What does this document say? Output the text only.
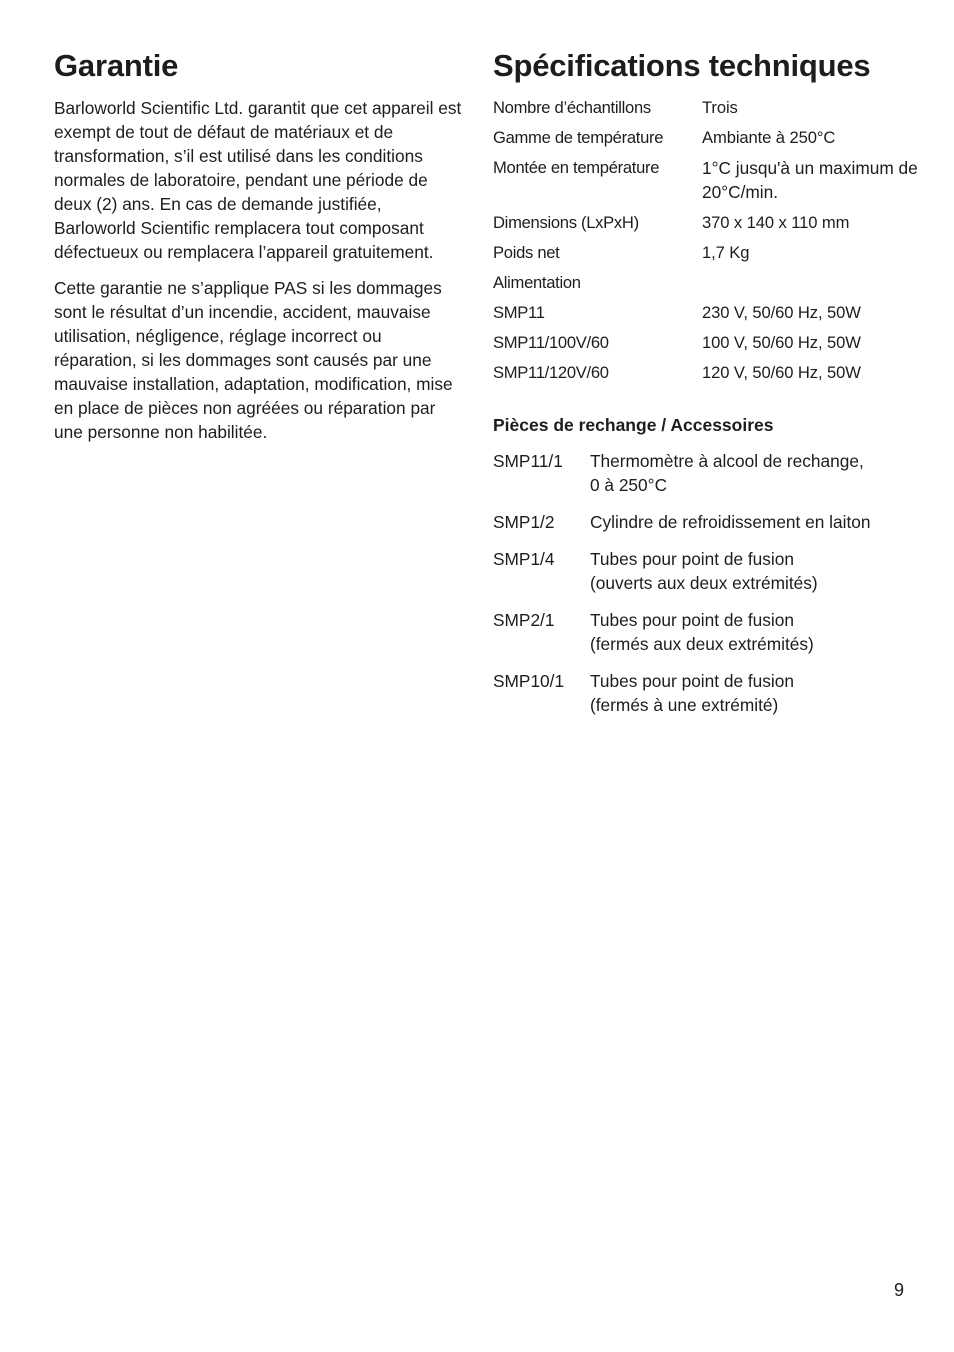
Garantie

Barloworld Scientific Ltd. garantit que cet appareil est exempt de tout de défaut de matériaux et de transformation, s’il est utilisé dans les conditions normales de laboratoire, pendant une période de deux (2) ans. En cas de demande justifiée, Barloworld Scientific remplacera tout composant défectueux ou remplacera l’appareil gratuitement.

Cette garantie ne s’applique PAS si les dommages sont le résultat d’un incendie, accident, mauvaise utilisation, négligence, réglage incorrect ou réparation, si les dommages sont causés par une mauvaise installation, adaptation, modification, mise en place de pièces non agréées ou réparation par une personne non habilitée.

Spécifications techniques
Nombre d’échantillons	Trois
Gamme de température	Ambiante à 250°C
Montée en température	1°C jusqu'à un maximum de 20°C/min.
Dimensions (LxPxH)	370 x 140 x 110 mm
Poids net	1,7 Kg
Alimentation
SMP11	230 V, 50/60 Hz, 50W
SMP11/100V/60	100 V, 50/60 Hz, 50W
SMP11/120V/60	120 V, 50/60 Hz, 50W
Pièces de rechange / Accessoires
SMP11/1	Thermomètre à alcool de rechange,
0 à 250°C
SMP1/2	Cylindre de refroidissement en laiton
SMP1/4	Tubes pour point de fusion
(ouverts aux deux extrémités)
SMP2/1	Tubes pour point de fusion
(fermés aux deux extrémités)
SMP10/1	Tubes pour point de fusion
(fermés à une extrémité)
9
